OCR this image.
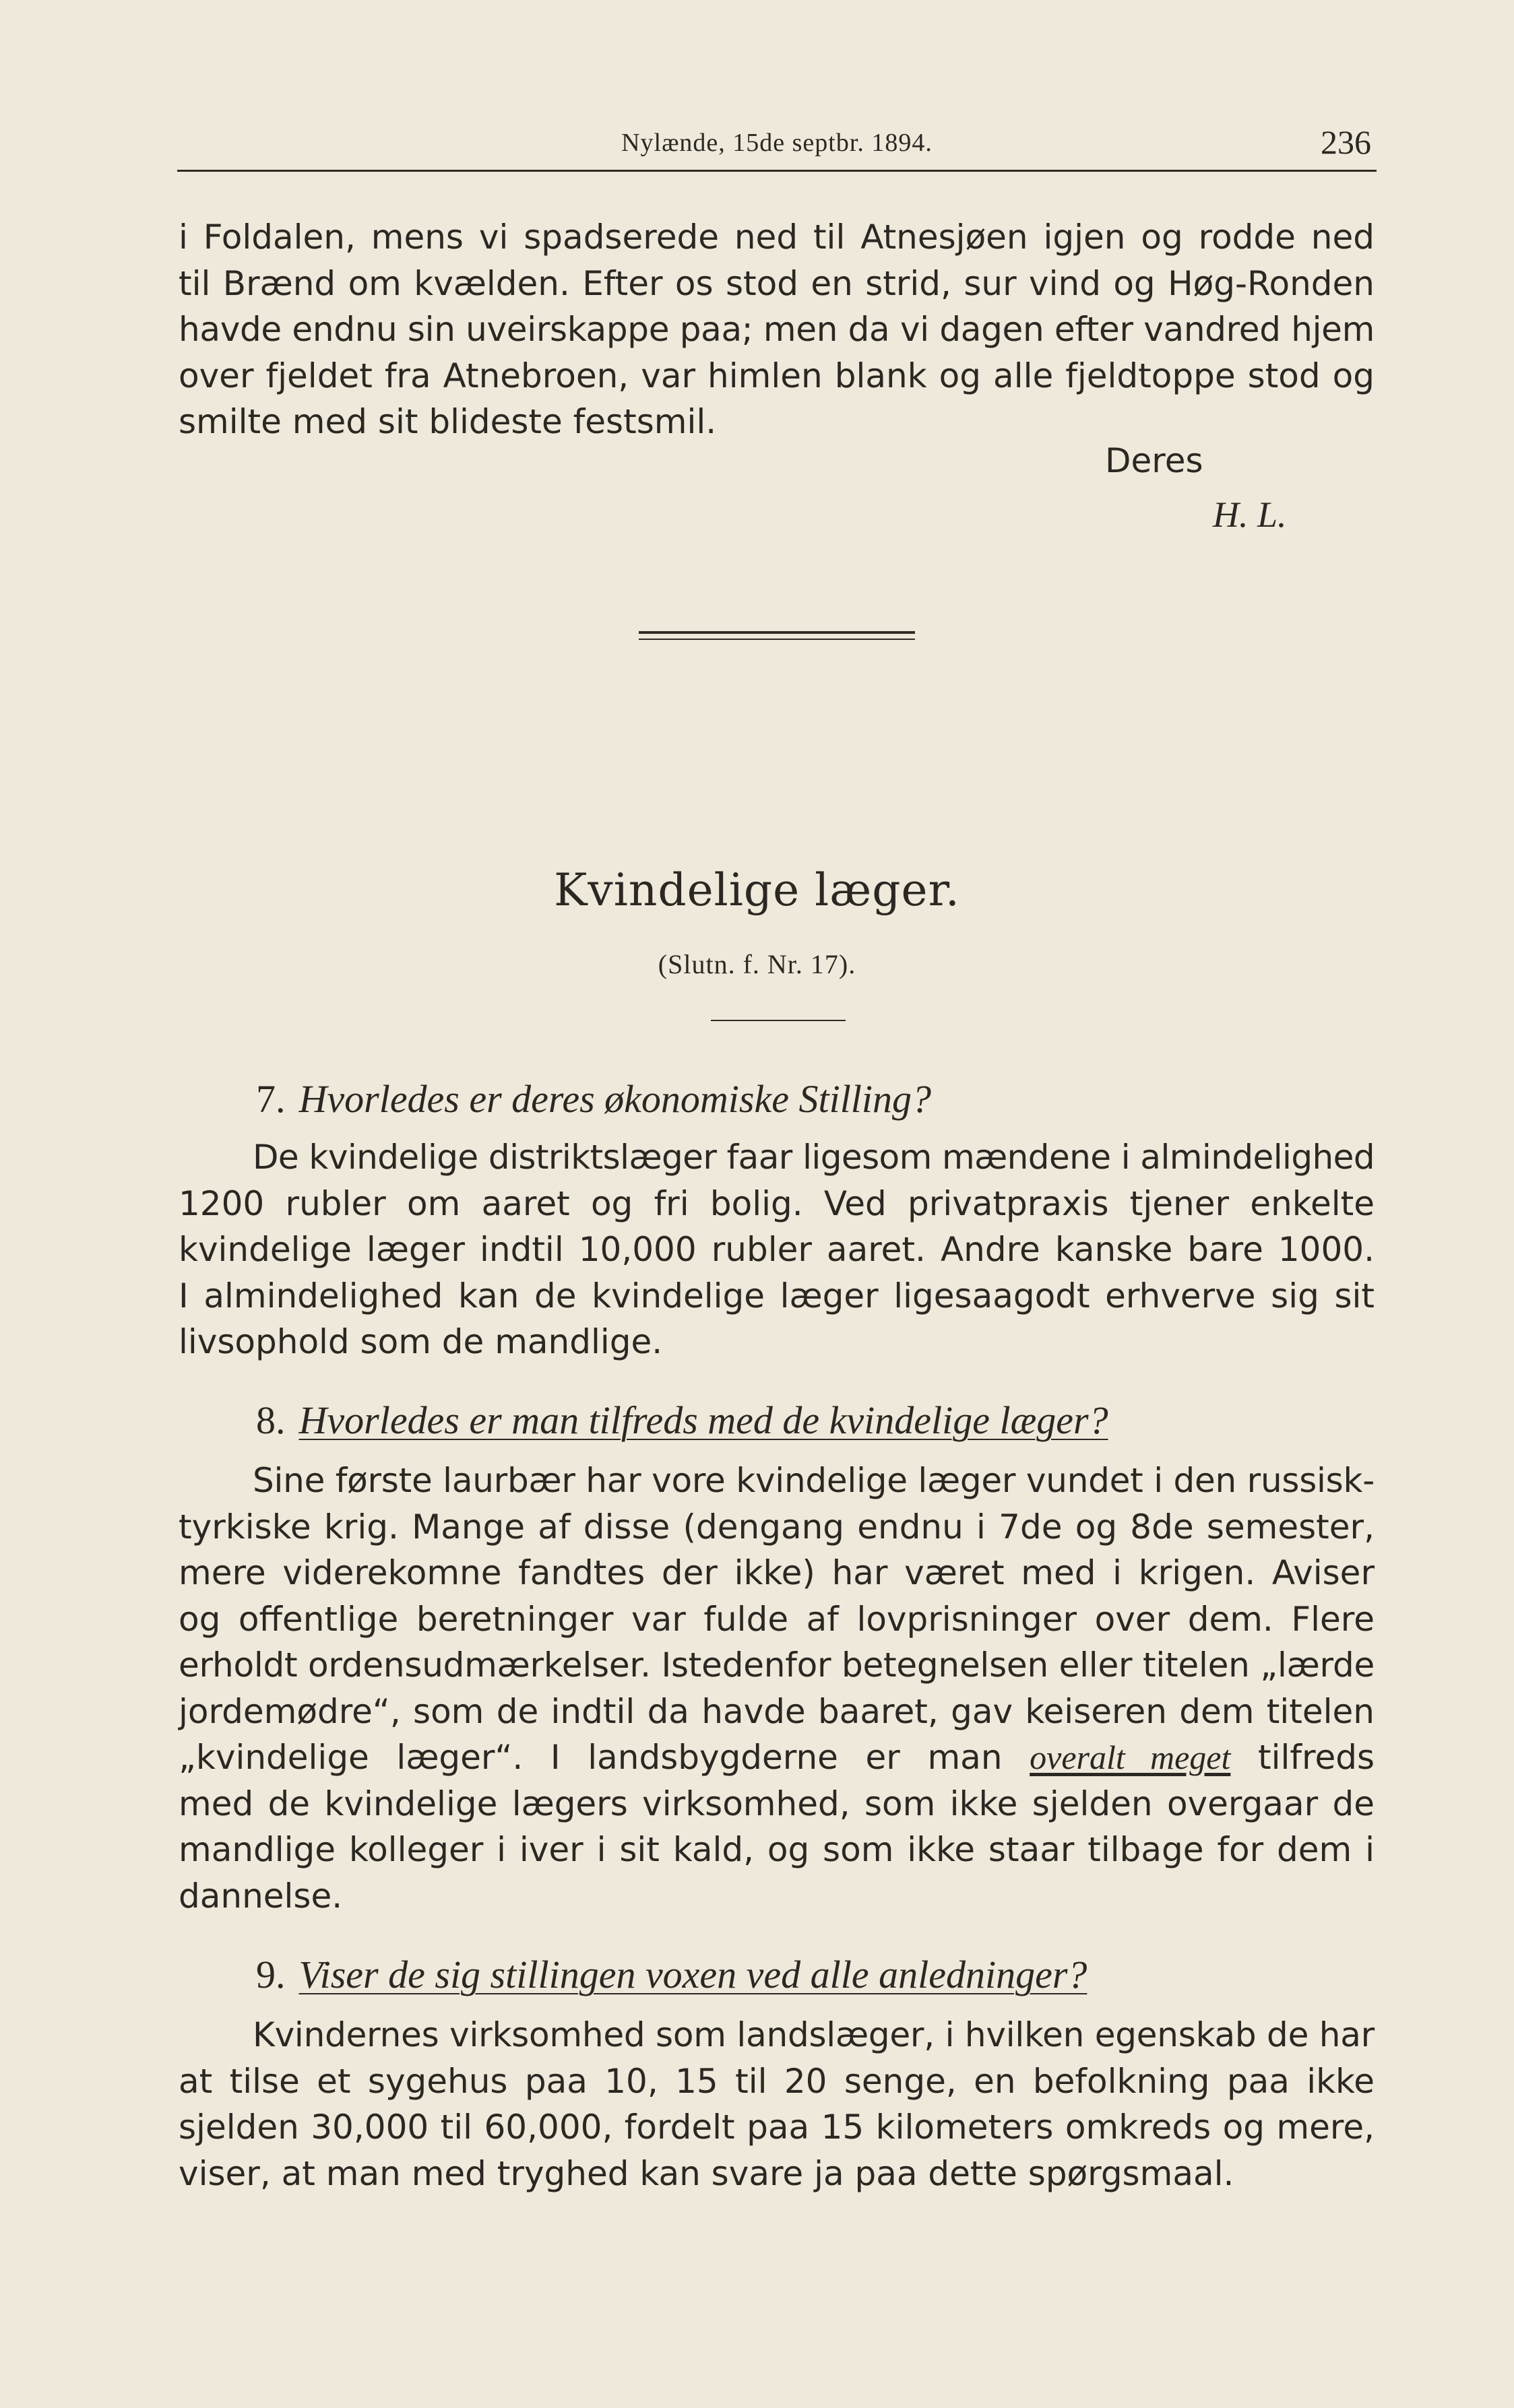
Nylænde, 15de septbr. 1894.	236
i Foldalen, mens vi spadserede ned til Atnesjøen igjen og rodde ned
til Brænd om kvælden. Efter os stod en strid, sur vind og Høg-Ronden
havde endnu sin uveirskappe paa; men da vi dagen efter vandred hjem
over fjeldet fra Atnebroen, var himlen blank og alle fjeldtoppe stod og
smilte med sit blideste festsmil.
Deres
H. L.
Kvindelige læger.
(Slutn. f. Nr. 17).
7. Hvorledes er deres økonomiske Stilling?
De kvindelige distriktslæger faar ligesom mændene i almindelighed
1200 rubler om aaret og fri bolig. Ved privatpraxis tjener enkelte
kvindelige læger indtil 10,000 rubler aaret. Andre kanske bare 1000.
I almindelighed kan de kvindelige læger ligesaagodt erhverve sig sit
livsophold som de mandlige.
8. Hvorledes er man tilfreds med de kvindelige læger?
Sine første laurbær har vore kvindelige læger vundet i den russisk-
tyrkiske krig. Mange af disse (dengang endnu i 7de og 8de semester,
mere viderekomne fandtes der ikke) har været med i krigen. Aviser
og offentlige beretninger var fulde af lovprisninger over dem. Flere
erholdt ordensudmærkelser. Istedenfor betegnelsen eller titelen „lærde
jordemødre“, som de indtil da havde baaret, gav keiseren dem titelen
„kvindelige læger“. I landsbygderne er man overalt meget tilfreds
med de kvindelige lægers virksomhed, som ikke sjelden overgaar de
mandlige kolleger i iver i sit kald, og som ikke staar tilbage for dem i
dannelse.
9. Viser de sig stillingen voxen ved alle anledninger?
Kvindernes virksomhed som landslæger, i hvilken egenskab de har
at tilse et sygehus paa 10, 15 til 20 senge, en befolkning paa ikke
sjelden 30,000 til 60,000, fordelt paa 15 kilometers omkreds og mere,
viser, at man med tryghed kan svare ja paa dette spørgsmaal.
